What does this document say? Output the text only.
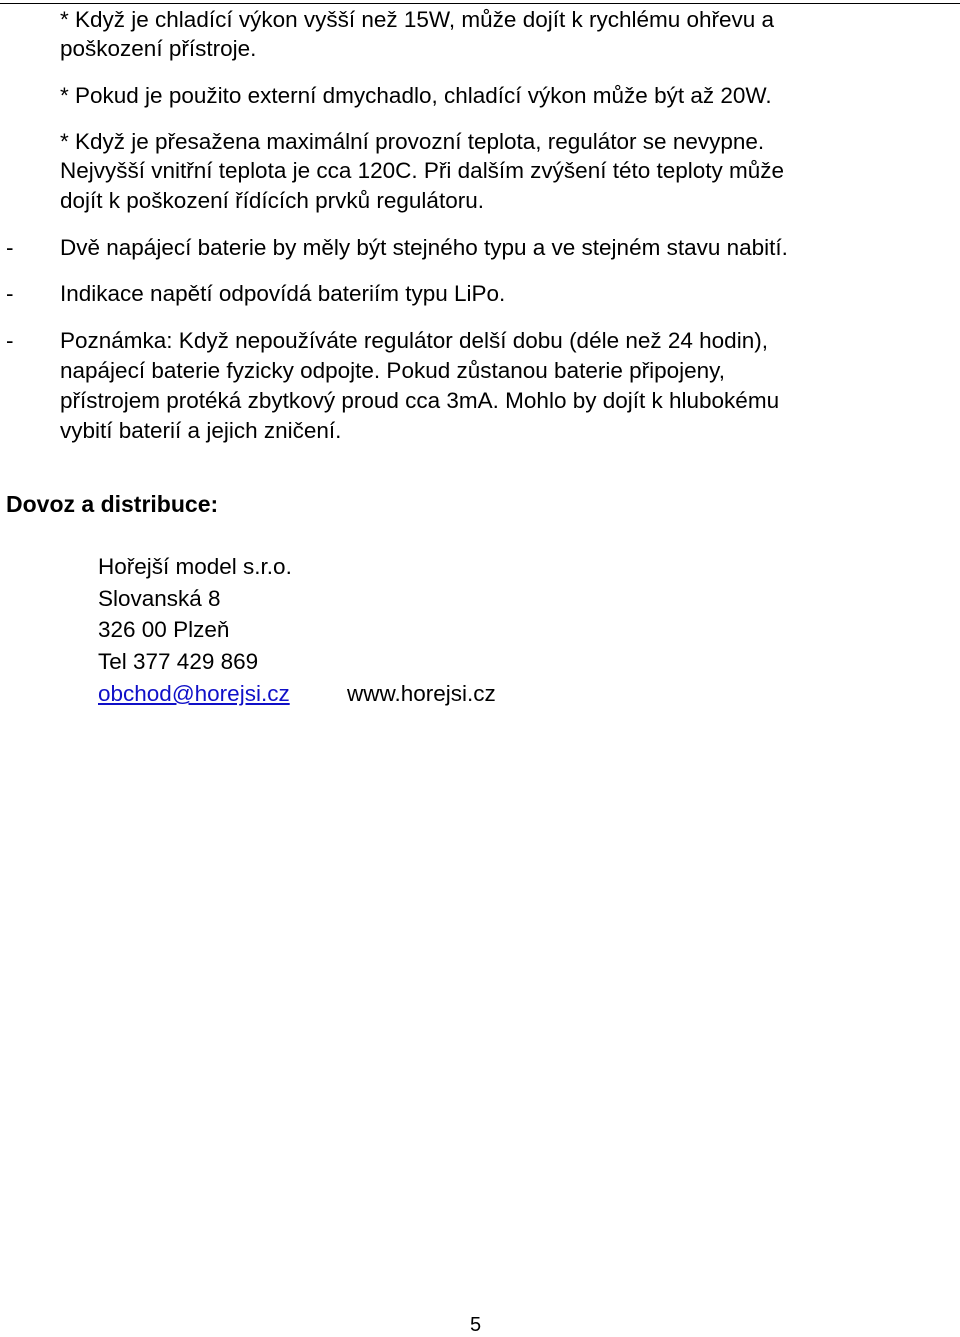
* Když je chladící výkon vyšší než 15W, může dojít k rychlému ohřevu a

poškození přístroje.

* Pokud je použito externí dmychadlo, chladící výkon může být až 20W.

* Když je přesažena maximální provozní teplota, regulátor se nevypne.

Nejvyšší vnitřní teplota je cca 120C. Při dalším zvýšení této teploty může

dojít k poškození řídících prvků regulátoru.

- Dvě napájecí baterie by měly být stejného typu a ve stejném stavu nabití.

- Indikace napětí odpovídá bateriím typu LiPo.

- Poznámka: Když nepoužíváte regulátor delší dobu (déle než 24 hodin),

napájecí baterie fyzicky odpojte. Pokud zůstanou baterie připojeny,

přístrojem protéká zbytkový proud cca 3mA. Mohlo by dojít k hlubokému

vybití baterií a jejich zničení.

Dovoz a distribuce:
Hořejší model s.r.o.
Slovanská 8
326 00 Plzeň
Tel 377 429 869
obchod@horejsi.cz	www.horejsi.cz
5
